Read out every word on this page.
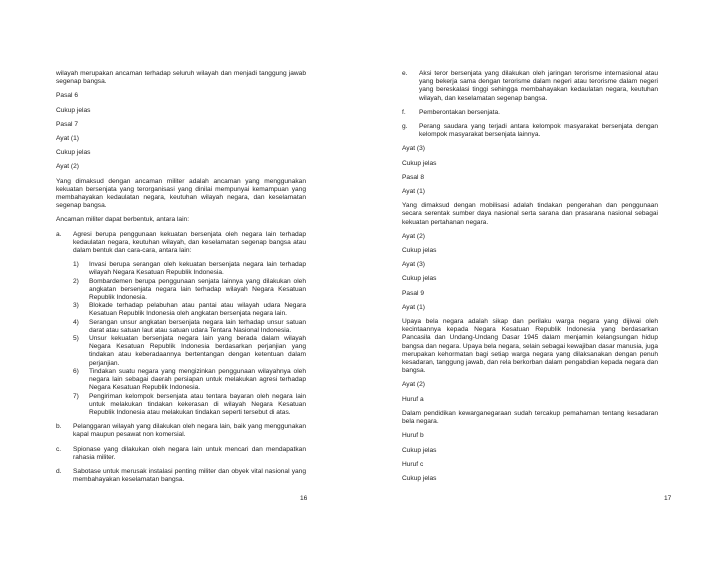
wilayah merupakan ancaman terhadap seluruh wilayah dan menjadi tanggung jawab segenap bangsa.

Pasal 6
Cukup jelas
Pasal 7
Ayat (1)
Cukup jelas
Ayat (2)

Yang dimaksud dengan ancaman militer adalah ancaman yang menggunakan kekuatan bersenjata yang terorganisasi yang dinilai mempunyai kemampuan yang membahayakan kedaulatan negara, keutuhan wilayah negara, dan keselamatan segenap bangsa.

Ancaman militer dapat berbentuk, antara lain:

a.	Agresi berupa penggunaan kekuatan bersenjata oleh negara lain terhadap kedaulatan negara, keutuhan wilayah, dan keselamatan segenap bangsa atau dalam bentuk dan cara-cara, antara lain:
1)	Invasi berupa serangan oleh kekuatan bersenjata negara lain terhadap wilayah Negara Kesatuan Republik Indonesia.
2)	Bombardemen berupa penggunaan senjata lainnya yang dilakukan oleh angkatan bersenjata negara lain terhadap wilayah Negara Kesatuan Republik Indonesia.
3)	Blokade terhadap pelabuhan atau pantai atau wilayah udara Negara Kesatuan Republik Indonesia oleh angkatan bersenjata negara lain.
4)	Serangan unsur angkatan bersenjata negara lain terhadap unsur satuan darat atau satuan laut atau satuan udara Tentara Nasional Indonesia.
5)	Unsur kekuatan bersenjata negara lain yang berada dalam wilayah Negara Kesatuan Republik Indonesia berdasarkan perjanjian yang tindakan atau keberadaannya bertentangan dengan ketentuan dalam perjanjian.
6)	Tindakan suatu negara yang mengizinkan penggunaan wilayahnya oleh negara lain sebagai daerah persiapan untuk melakukan agresi terhadap Negara Kesatuan Republik Indonesia.
7)	Pengiriman kelompok bersenjata atau tentara bayaran oleh negara lain untuk melakukan tindakan kekerasan di wilayah Negara Kesatuan Republik Indonesia atau melakukan tindakan seperti tersebut di atas.
b.	Pelanggaran wilayah yang dilakukan oleh negara lain, baik yang menggunakan kapal maupun pesawat non komersial.
c.	Spionase yang dilakukan oleh negara lain untuk mencari dan mendapatkan rahasia militer.
d.	Sabotase untuk merusak instalasi penting militer dan obyek vital nasional yang membahayakan keselamatan bangsa.
16
e.	Aksi teror bersenjata yang dilakukan oleh jaringan terorisme internasional atau yang bekerja sama dengan terorisme dalam negeri atau terorisme dalam negeri yang bereskalasi tinggi sehingga membahayakan kedaulatan negara, keutuhan wilayah, dan keselamatan segenap bangsa.
f.	Pemberontakan bersenjata.
g.	Perang saudara yang terjadi antara kelompok masyarakat bersenjata dengan kelompok masyarakat bersenjata lainnya.
Ayat (3)
Cukup jelas
Pasal 8
Ayat (1)

Yang dimaksud dengan mobilisasi adalah tindakan pengerahan dan penggunaan secara serentak sumber daya nasional serta sarana dan prasarana nasional sebagai kekuatan pertahanan negara.

Ayat (2)
Cukup jelas
Ayat (3)
Cukup jelas
Pasal 9
Ayat (1)

Upaya bela negara adalah sikap dan perilaku warga negara yang dijiwai oleh kecintaannya kepada Negara Kesatuan Republik Indonesia yang berdasarkan Pancasila dan Undang-Undang Dasar 1945 dalam menjamin kelangsungan hidup bangsa dan negara. Upaya bela negara, selain sebagai kewajiban dasar manusia, juga merupakan kehormatan bagi setiap warga negara yang dilaksanakan dengan penuh kesadaran, tanggung jawab, dan rela berkorban dalam pengabdian kepada negara dan bangsa.

Ayat (2)
Huruf a

Dalam pendidikan kewarganegaraan sudah tercakup pemahaman tentang kesadaran bela negara.

Huruf b
Cukup jelas
Huruf c
Cukup jelas
17
